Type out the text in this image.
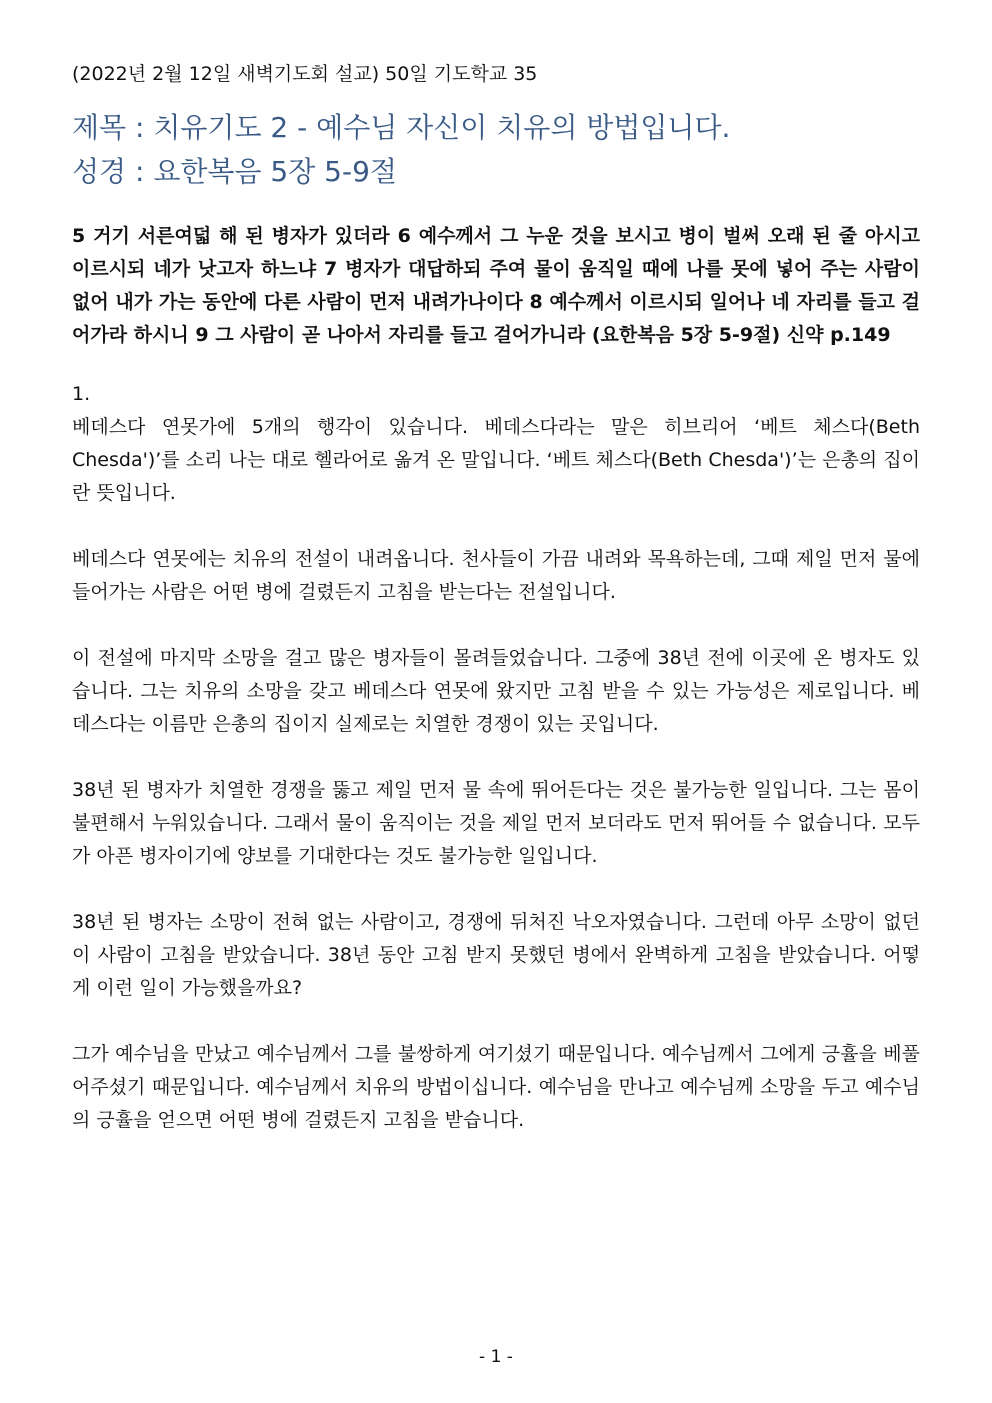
(2022년 2월 12일 새벽기도회 설교) 50일 기도학교 35
제목 : 치유기도 2 - 예수님 자신이 치유의 방법입니다.
성경 : 요한복음 5장 5-9절
5 거기 서른여덟 해 된 병자가 있더라 6 예수께서 그 누운 것을 보시고 병이 벌써 오래 된 줄 아시고 이르시되 네가 낫고자 하느냐 7 병자가 대답하되 주여 물이 움직일 때에 나를 못에 넣어 주는 사람이 없어 내가 가는 동안에 다른 사람이 먼저 내려가나이다 8 예수께서 이르시되 일어나 네 자리를 들고 걸어가라 하시니 9 그 사람이 곧 나아서 자리를 들고 걸어가니라 (요한복음 5장 5-9절) 신약 p.149
1.
베데스다 연못가에 5개의 행각이 있습니다. 베데스다라는 말은 히브리어 ‘베트 체스다(Beth Chesda')’를 소리 나는 대로 헬라어로 옮겨 온 말입니다. ‘베트 체스다(Beth Chesda')’는 은총의 집이란 뜻입니다.
베데스다 연못에는 치유의 전설이 내려옵니다. 천사들이 가끔 내려와 목욕하는데, 그때 제일 먼저 물에 들어가는 사람은 어떤 병에 걸렸든지 고침을 받는다는 전설입니다.
이 전설에 마지막 소망을 걸고 많은 병자들이 몰려들었습니다. 그중에 38년 전에 이곳에 온 병자도 있습니다. 그는 치유의 소망을 갖고 베데스다 연못에 왔지만 고침 받을 수 있는 가능성은 제로입니다. 베데스다는 이름만 은총의 집이지 실제로는 치열한 경쟁이 있는 곳입니다.
38년 된 병자가 치열한 경쟁을 뚫고 제일 먼저 물 속에 뛰어든다는 것은 불가능한 일입니다. 그는 몸이 불편해서 누워있습니다. 그래서 물이 움직이는 것을 제일 먼저 보더라도 먼저 뛰어들 수 없습니다. 모두가 아픈 병자이기에 양보를 기대한다는 것도 불가능한 일입니다.
38년 된 병자는 소망이 전혀 없는 사람이고, 경쟁에 뒤처진 낙오자였습니다. 그런데 아무 소망이 없던 이 사람이 고침을 받았습니다. 38년 동안 고침 받지 못했던 병에서 완벽하게 고침을 받았습니다. 어떻게 이런 일이 가능했을까요?
그가 예수님을 만났고 예수님께서 그를 불쌍하게 여기셨기 때문입니다. 예수님께서 그에게 긍휼을 베풀어주셨기 때문입니다. 예수님께서 치유의 방법이십니다. 예수님을 만나고 예수님께 소망을 두고 예수님의 긍휼을 얻으면 어떤 병에 걸렸든지 고침을 받습니다.
- 1 -
